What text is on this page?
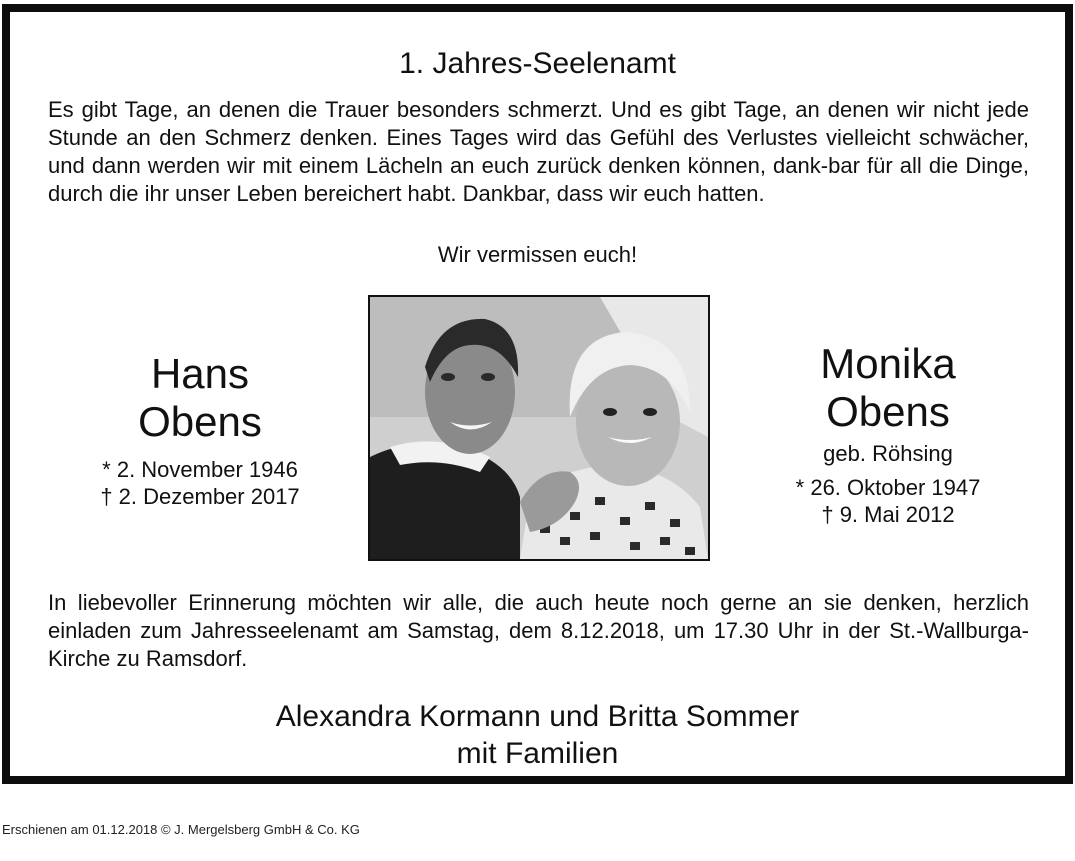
1. Jahres-Seelenamt
Es gibt Tage, an denen die Trauer besonders schmerzt. Und es gibt Tage, an denen wir nicht jede Stunde an den Schmerz denken. Eines Tages wird das Gefühl des Verlustes vielleicht schwächer, und dann werden wir mit einem Lächeln an euch zurück denken können, dank-bar für all die Dinge, durch die ihr unser Leben bereichert habt. Dankbar, dass wir euch hatten.
Wir vermissen euch!
Hans
Obens
* 2. November 1946
† 2. Dezember 2017
Monika
Obens
geb. Röhsing
* 26. Oktober 1947
† 9. Mai 2012
In liebevoller Erinnerung möchten wir alle, die auch heute noch gerne an sie denken, herzlich einladen zum Jahresseelenamt am Samstag, dem 8.12.2018, um 17.30 Uhr in der St.-Wallburga-Kirche zu Ramsdorf.
Alexandra Kormann und Britta Sommer
mit Familien
Erschienen am 01.12.2018 © J. Mergelsberg GmbH & Co. KG
